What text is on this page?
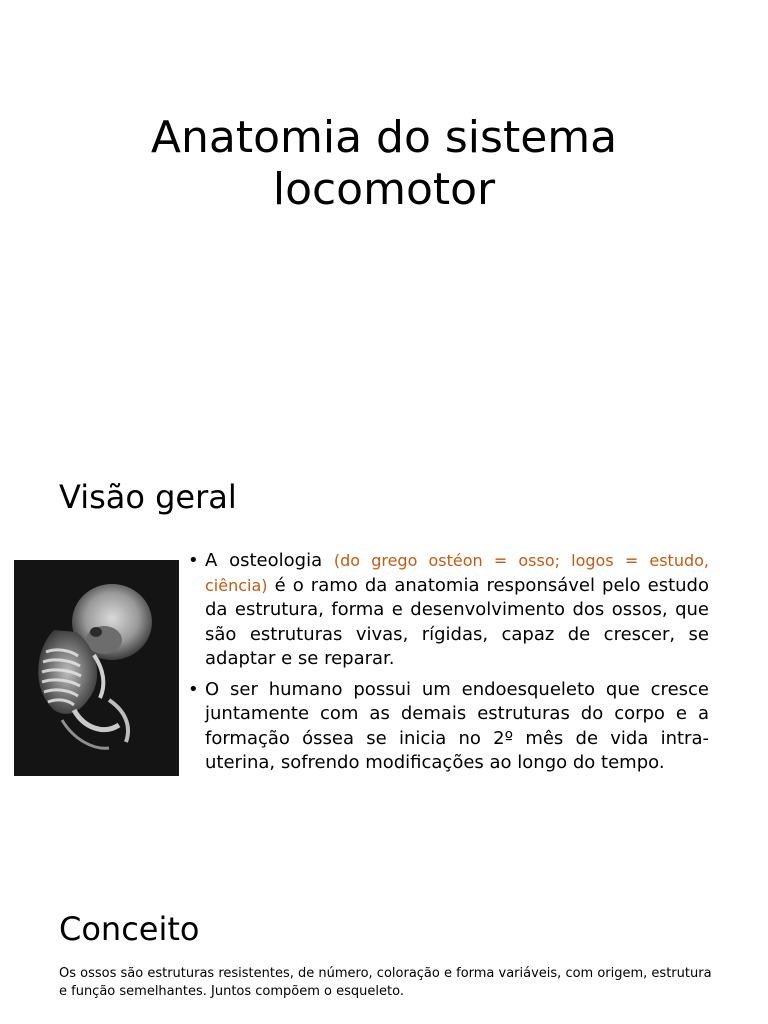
Anatomia do sistema
locomotor
Visão geral
• A osteologia (do grego ostéon = osso; logos = estudo, ciência) é o ramo da anatomia responsável pelo estudo da estrutura, forma e desenvolvimento dos ossos, que são estruturas vivas, rígidas, capaz de crescer, se adaptar e se reparar.
• O ser humano possui um endoesqueleto que cresce juntamente com as demais estruturas do corpo e a formação óssea se inicia no 2º mês de vida intra-uterina, sofrendo modificações ao longo do tempo.
Conceito

Os ossos são estruturas resistentes, de número, coloração e forma variáveis, com origem, estrutura e função semelhantes. Juntos compõem o esqueleto.
